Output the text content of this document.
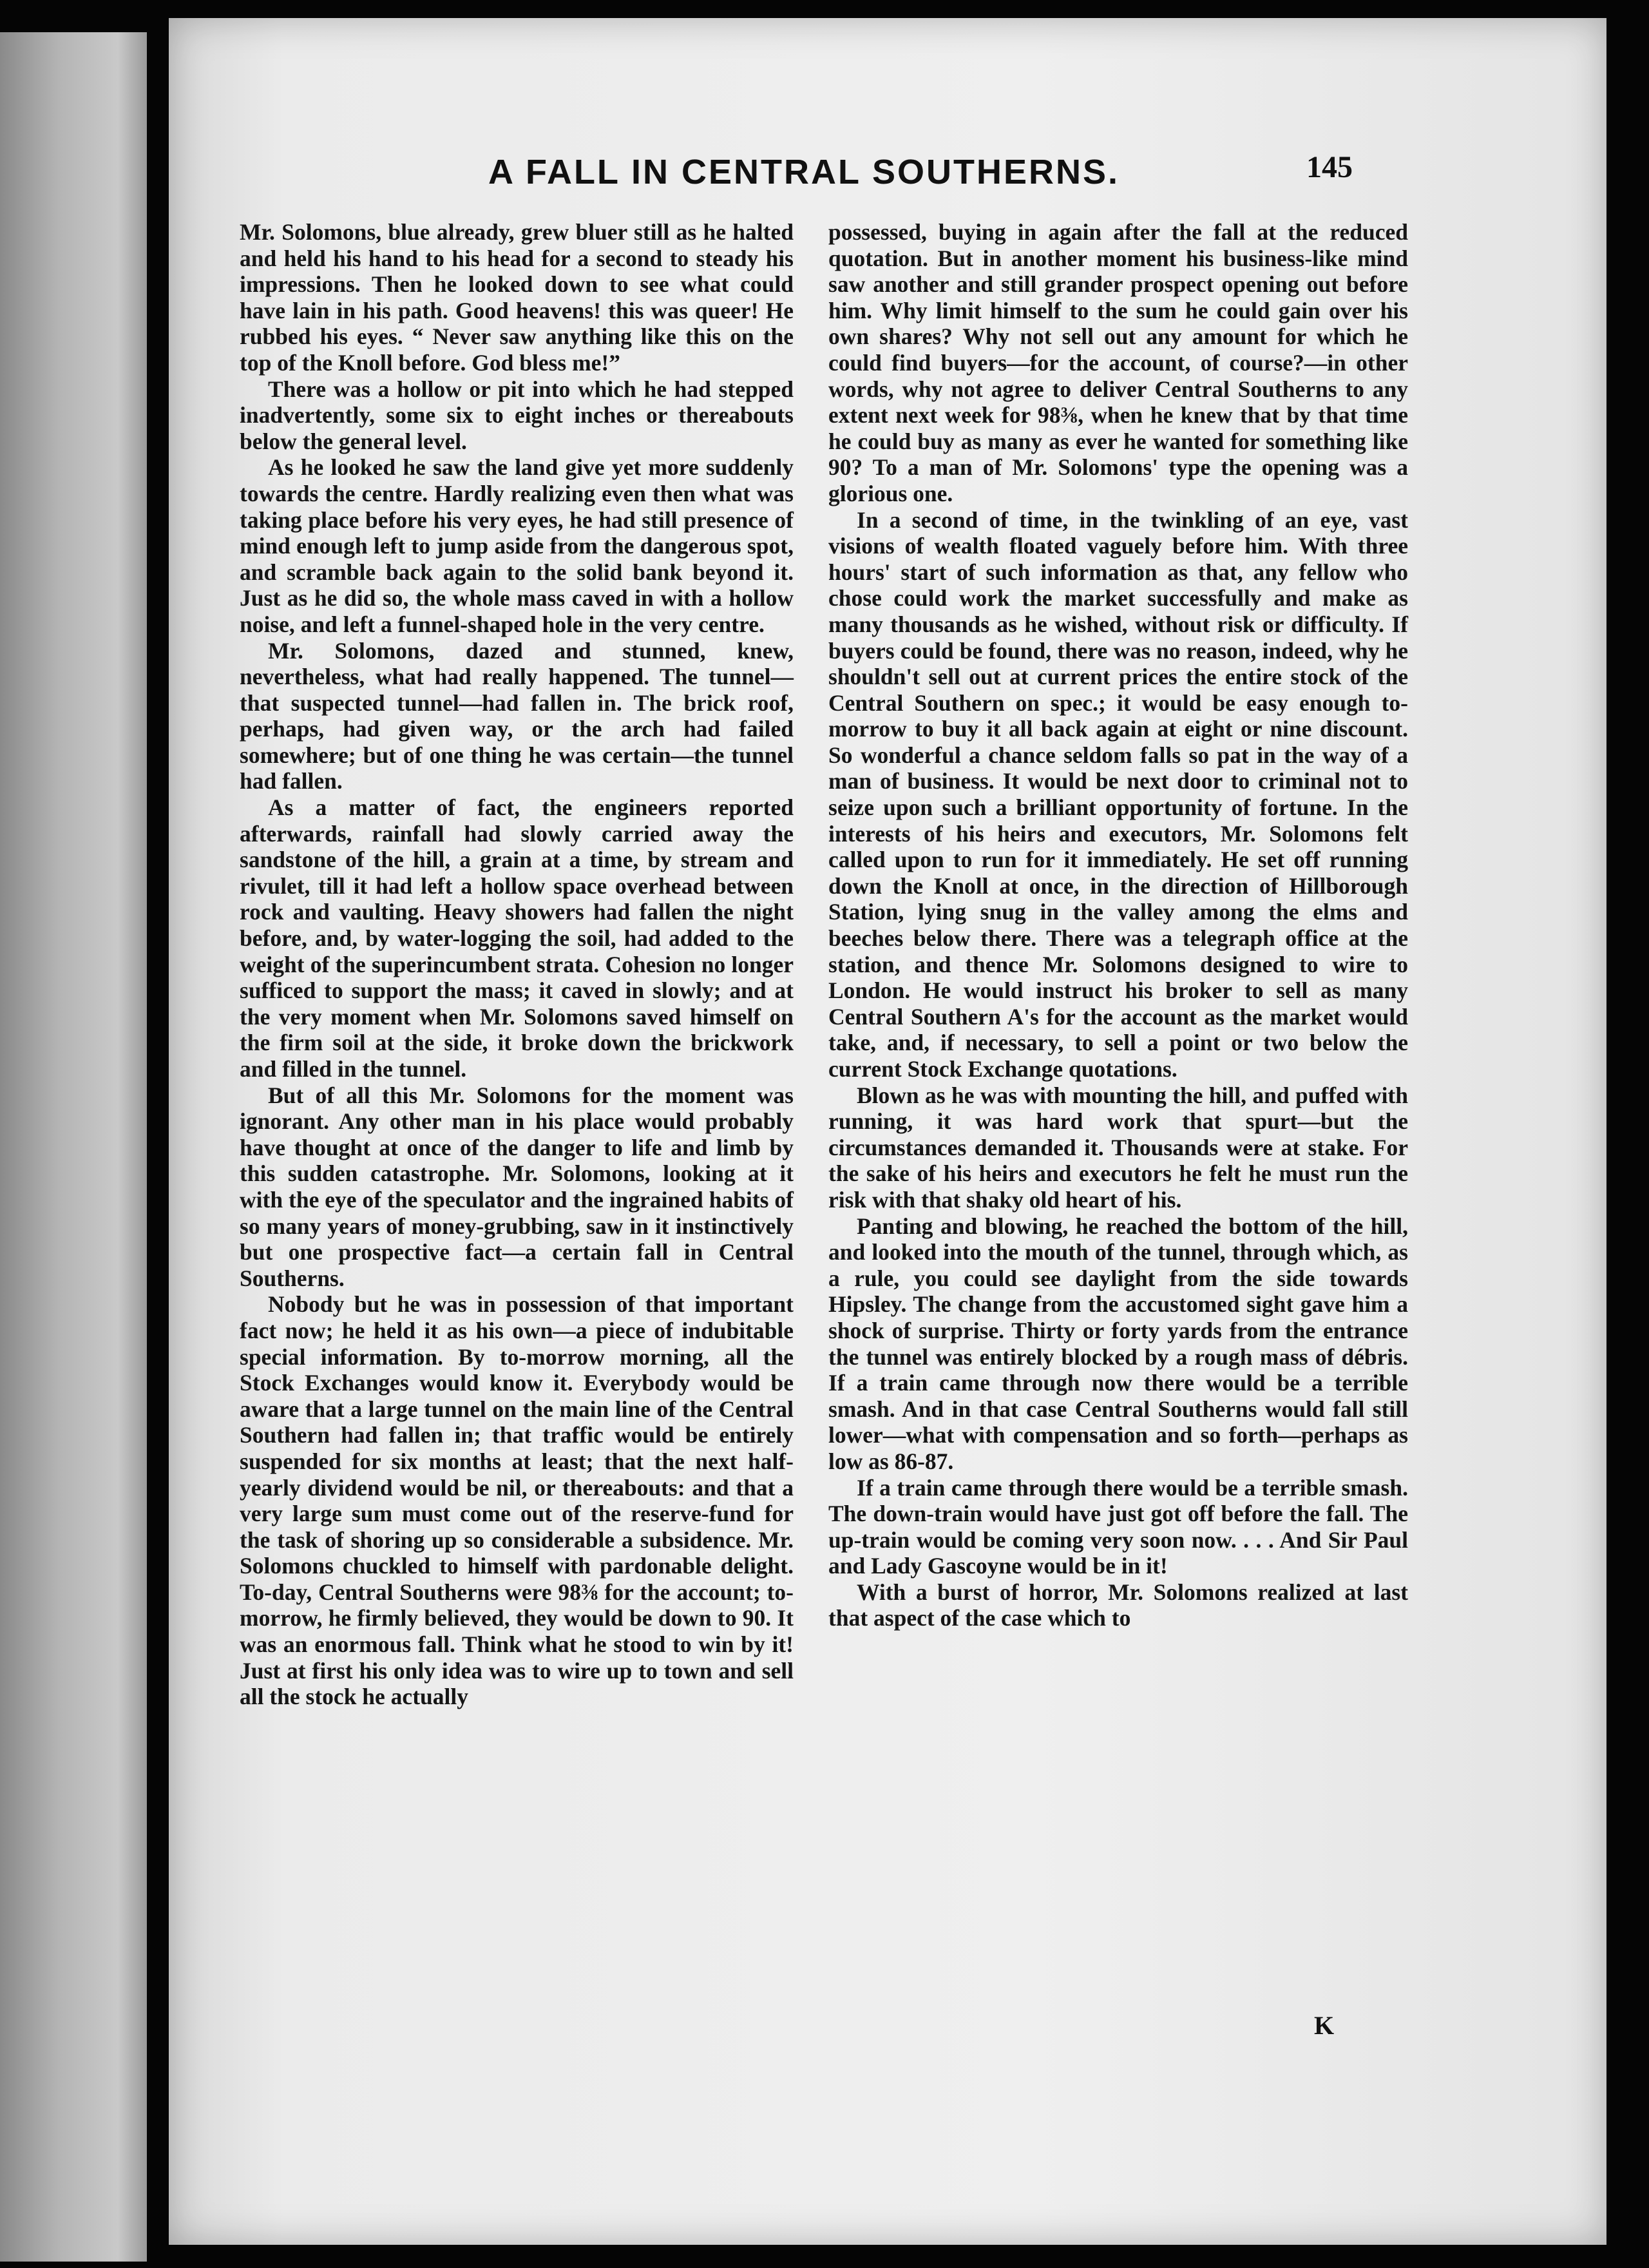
A FALL IN CENTRAL SOUTHERNS.	145

Mr. Solomons, blue already, grew bluer still as he halted and held his hand to his head for a second to steady his impressions. Then he looked down to see what could have lain in his path. Good heavens! this was queer! He rubbed his eyes. “ Never saw anything like this on the top of the Knoll before. God bless me!”

There was a hollow or pit into which he had stepped inadvertently, some six to eight inches or thereabouts below the general level.

As he looked he saw the land give yet more suddenly towards the centre. Hardly realizing even then what was taking place before his very eyes, he had still presence of mind enough left to jump aside from the dangerous spot, and scramble back again to the solid bank beyond it. Just as he did so, the whole mass caved in with a hollow noise, and left a funnel-shaped hole in the very centre.

Mr. Solomons, dazed and stunned, knew, nevertheless, what had really happened. The tunnel—that suspected tunnel—had fallen in. The brick roof, perhaps, had given way, or the arch had failed somewhere; but of one thing he was certain—the tunnel had fallen.

As a matter of fact, the engineers reported afterwards, rainfall had slowly carried away the sandstone of the hill, a grain at a time, by stream and rivulet, till it had left a hollow space overhead between rock and vaulting. Heavy showers had fallen the night before, and, by water-logging the soil, had added to the weight of the superincumbent strata. Cohesion no longer sufficed to support the mass; it caved in slowly; and at the very moment when Mr. Solomons saved himself on the firm soil at the side, it broke down the brickwork and filled in the tunnel.

But of all this Mr. Solomons for the moment was ignorant. Any other man in his place would probably have thought at once of the danger to life and limb by this sudden catastrophe. Mr. Solomons, looking at it with the eye of the speculator and the ingrained habits of so many years of money-grubbing, saw in it instinctively but one prospective fact—a certain fall in Central Southerns.

Nobody but he was in possession of that important fact now; he held it as his own—a piece of indubitable special information. By to-morrow morning, all the Stock Exchanges would know it. Everybody would be aware that a large tunnel on the main line of the Central Southern had fallen in; that traffic would be entirely suspended for six months at least; that the next half-yearly dividend would be nil, or thereabouts: and that a very large sum must come out of the reserve-fund for the task of shoring up so considerable a subsidence. Mr. Solomons chuckled to himself with pardonable delight. To-day, Central Southerns were 98⅜ for the account; to-morrow, he firmly believed, they would be down to 90. It was an enormous fall. Think what he stood to win by it! Just at first his only idea was to wire up to town and sell all the stock he actually

possessed, buying in again after the fall at the reduced quotation. But in another moment his business-like mind saw another and still grander prospect opening out before him. Why limit himself to the sum he could gain over his own shares? Why not sell out any amount for which he could find buyers—for the account, of course?—in other words, why not agree to deliver Central Southerns to any extent next week for 98⅜, when he knew that by that time he could buy as many as ever he wanted for something like 90? To a man of Mr. Solomons' type the opening was a glorious one.

In a second of time, in the twinkling of an eye, vast visions of wealth floated vaguely before him. With three hours' start of such information as that, any fellow who chose could work the market successfully and make as many thousands as he wished, without risk or difficulty. If buyers could be found, there was no reason, indeed, why he shouldn't sell out at current prices the entire stock of the Central Southern on spec.; it would be easy enough to-morrow to buy it all back again at eight or nine discount. So wonderful a chance seldom falls so pat in the way of a man of business. It would be next door to criminal not to seize upon such a brilliant opportunity of fortune. In the interests of his heirs and executors, Mr. Solomons felt called upon to run for it immediately. He set off running down the Knoll at once, in the direction of Hillborough Station, lying snug in the valley among the elms and beeches below there. There was a telegraph office at the station, and thence Mr. Solomons designed to wire to London. He would instruct his broker to sell as many Central Southern A's for the account as the market would take, and, if necessary, to sell a point or two below the current Stock Exchange quotations.

Blown as he was with mounting the hill, and puffed with running, it was hard work that spurt—but the circumstances demanded it. Thousands were at stake. For the sake of his heirs and executors he felt he must run the risk with that shaky old heart of his.

Panting and blowing, he reached the bottom of the hill, and looked into the mouth of the tunnel, through which, as a rule, you could see daylight from the side towards Hipsley. The change from the accustomed sight gave him a shock of surprise. Thirty or forty yards from the entrance the tunnel was entirely blocked by a rough mass of débris. If a train came through now there would be a terrible smash. And in that case Central Southerns would fall still lower—what with compensation and so forth—perhaps as low as 86-87.

If a train came through there would be a terrible smash. The down-train would have just got off before the fall. The up-train would be coming very soon now. . . . And Sir Paul and Lady Gascoyne would be in it!

With a burst of horror, Mr. Solomons realized at last that aspect of the case which to

K
